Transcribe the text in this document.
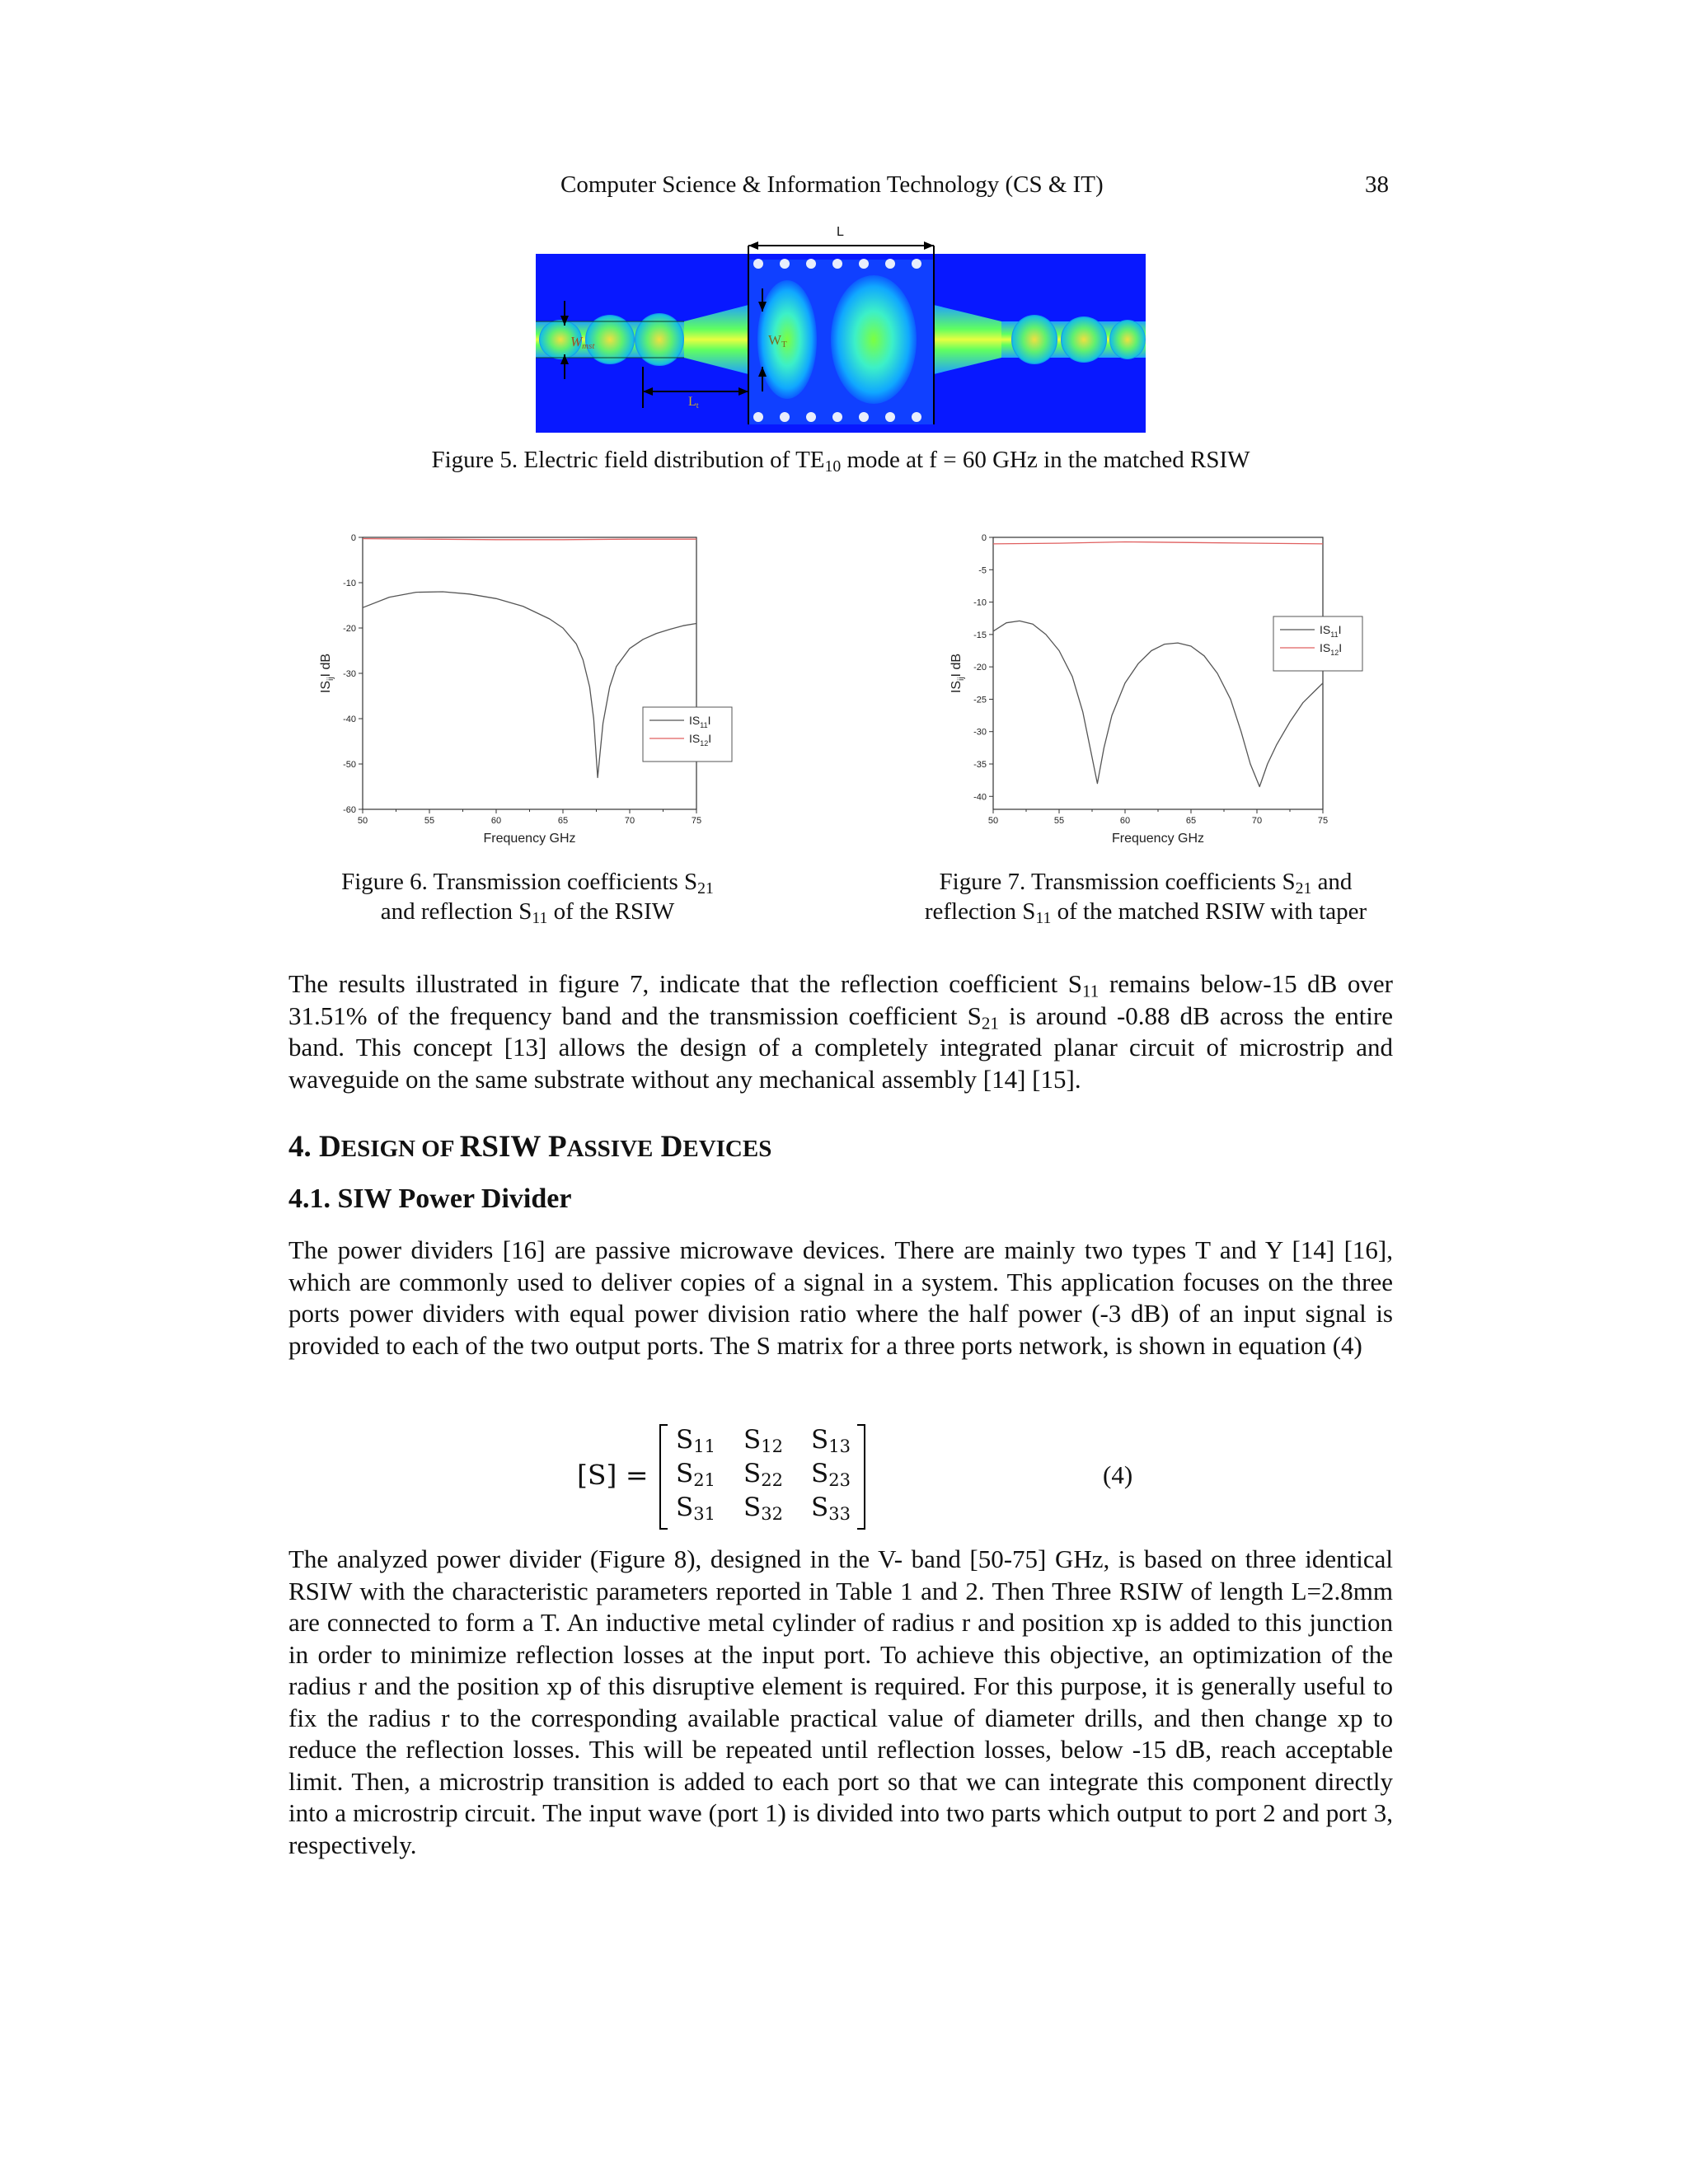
Computer Science & Information Technology (CS & IT)	38
L
Wmst	WT
Lt
Figure 5. Electric field distribution of $TE_{10}$ mode at f = 60 GHz in the matched RSIW
0
-10
-20
-30
-40
-50
-60
50	55	60	65	70	75
Frequency GHz
$IS_{ij}I$ dB
$IS_{11}I$
$IS_{12}I$
0
-5
-10
-15
-20
-25
-30
-35
-40
50	55	60	65	70	75
Frequency GHz
$IS_{ij}I$ dB
$IS_{11}I$
$IS_{12}I$
Figure 6. Transmission coefficients $S_{21}$
and reflection $S_{11}$ of the RSIW
Figure 7. Transmission coefficients $S_{21}$ and
reflection $S_{11}$ of the matched RSIW with taper
The results illustrated in figure 7, indicate that the reflection coefficient $S_{11}$ remains below-15 dB over 31.51% of the frequency band and the transmission coefficient $S_{21}$ is around -0.88 dB across the entire band. This concept [13] allows the design of a completely integrated planar circuit of microstrip and waveguide on the same substrate without any mechanical assembly [14] [15].
4. DESIGN OF RSIW PASSIVE DEVICES
4.1. SIW Power Divider
The power dividers [16] are passive microwave devices. There are mainly two types T and Y [14] [16], which are commonly used to deliver copies of a signal in a system. This application focuses on the three ports power dividers with equal power division ratio where the half power (-3 dB) of an input signal is provided to each of the two output ports. The S matrix for a three ports network, is shown in equation (4)
[S] =
S11 S12 S13
S21 S22 S23
S31 S32 S33
(4)
The analyzed power divider (Figure 8), designed in the V- band [50-75] GHz, is based on three identical RSIW with the characteristic parameters reported in Table 1 and 2. Then Three RSIW of length L=2.8mm are connected to form a T. An inductive metal cylinder of radius r and position xp is added to this junction in order to minimize reflection losses at the input port. To achieve this objective, an optimization of the radius r and the position xp of this disruptive element is required. For this purpose, it is generally useful to fix the radius r to the corresponding available practical value of diameter drills, and then change xp to reduce the reflection losses. This will be repeated until reflection losses, below -15 dB, reach acceptable limit. Then, a microstrip transition is added to each port so that we can integrate this component directly into a microstrip circuit. The input wave (port 1) is divided into two parts which output to port 2 and port 3, respectively.
